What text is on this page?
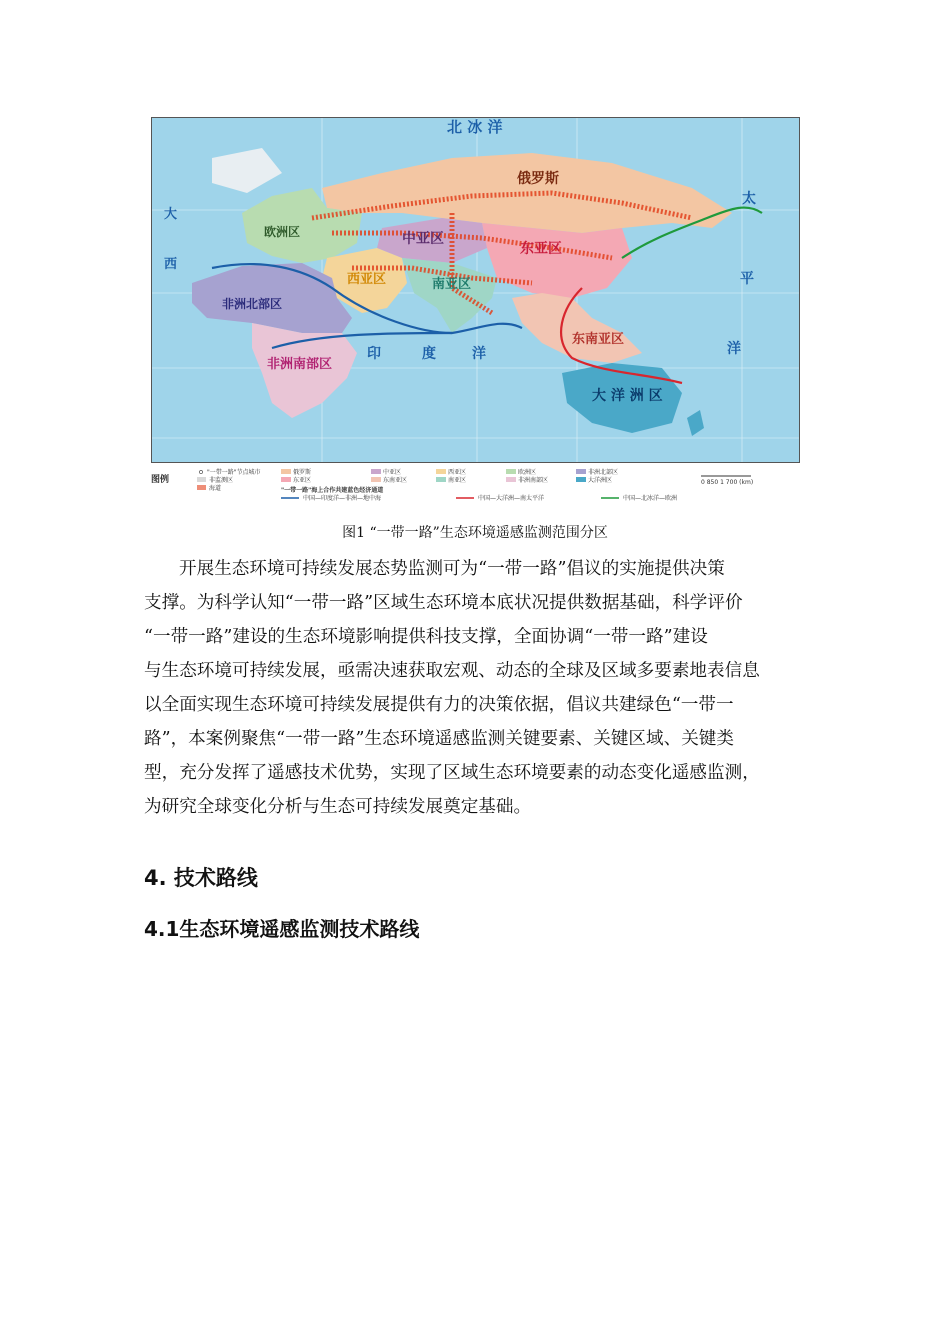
北 冰 洋
俄罗斯
欧洲区	中亚区
东亚区
西亚区	南亚区
非洲北部区
非洲南部区
东南亚区
大 洋 洲 区
太
平
洋
印	度	洋
大
西
图例
"一带一路"节点城市
非监测区
海道
俄罗斯
东亚区
中亚区
东南亚区
西亚区
南亚区
欧洲区
非洲南部区
非洲北部区
大洋洲区
"一带一路"海上合作共建蓝色经济通道
中国—印度洋—非洲—地中海	中国—大洋洲—南太平洋	中国—北冰洋—欧洲
0 850 1 700 (km)
图1 “一带一路”生态环境遥感监测范围分区
开展生态环境可持续发展态势监测可为“一带一路”倡议的实施提供决策
支撑。为科学认知“一带一路”区域生态环境本底状况提供数据基础，科学评价
“一带一路”建设的生态环境影响提供科技支撑，全面协调“一带一路”建设
与生态环境可持续发展，亟需决速获取宏观、动态的全球及区域多要素地表信息
以全面实现生态环境可持续发展提供有力的决策依据，倡议共建绿色“一带一
路”，本案例聚焦“一带一路”生态环境遥感监测关键要素、关键区域、关键类
型，充分发挥了遥感技术优势，实现了区域生态环境要素的动态变化遥感监测，
为研究全球变化分析与生态可持续发展奠定基础。
4. 技术路线
4.1生态环境遥感监测技术路线
